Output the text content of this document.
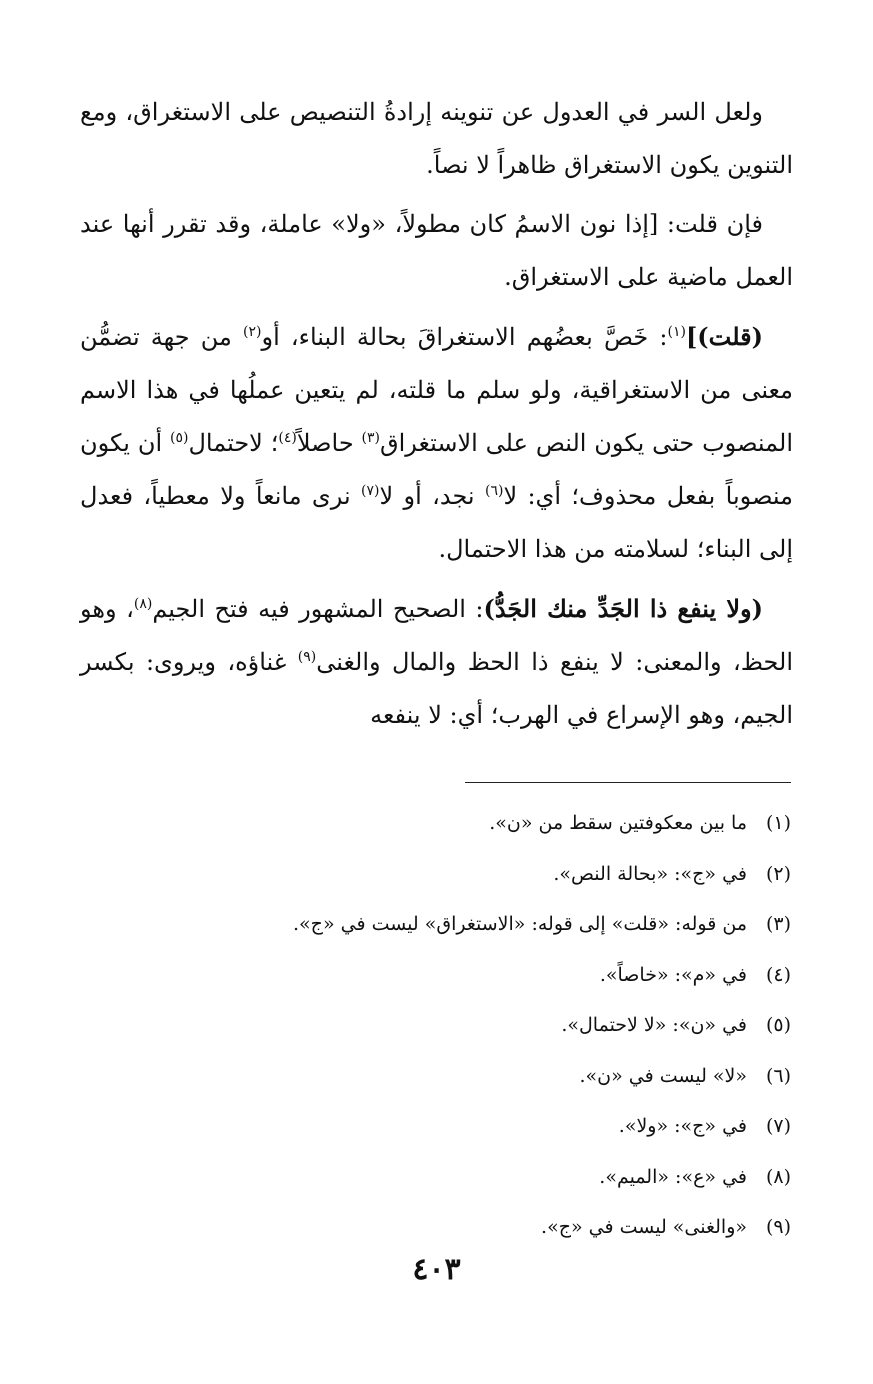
ولعل السر في العدول عن تنوينه إرادةُ التنصيص على الاستغراق، ومع التنوين يكون الاستغراق ظاهراً لا نصاً.

فإن قلت: [إذا نون الاسمُ كان مطولاً، «ولا» عاملة، وقد تقرر أنها عند العمل ماضية على الاستغراق.

(قلت)]$^{(١)}$: خَصَّ بعضُهم الاستغراقَ بحالة البناء، أو$^{(٢)}$ من جهة تضمُّن معنى من الاستغراقية، ولو سلم ما قلته، لم يتعين عملُها في هذا الاسم المنصوب حتى يكون النص على الاستغراق$^{(٣)}$ حاصلاً$^{(٤)}$؛ لاحتمال$^{(٥)}$ أن يكون منصوباً بفعل محذوف؛ أي: لا$^{(٦)}$ نجد، أو لا$^{(٧)}$ نرى مانعاً ولا معطياً، فعدل إلى البناء؛ لسلامته من هذا الاحتمال.

(ولا ينفع ذا الجَدِّ منك الجَدُّ): الصحيح المشهور فيه فتح الجيم$^{(٨)}$، وهو الحظ، والمعنى: لا ينفع ذا الحظ والمال والغنى$^{(٩)}$ غناؤه، ويروى: بكسر الجيم، وهو الإسراع في الهرب؛ أي: لا ينفعه

(١)ما بين معكوفتين سقط من «ن».
(٢)في «ج»: «بحالة النص».
(٣)من قوله: «قلت» إلى قوله: «الاستغراق» ليست في «ج».
(٤)في «م»: «خاصاً».
(٥)في «ن»: «لا لاحتمال».
(٦)«لا» ليست في «ن».
(٧)في «ج»: «ولا».
(٨)في «ع»: «الميم».
(٩)«والغنى» ليست في «ج».
٤٠٣
